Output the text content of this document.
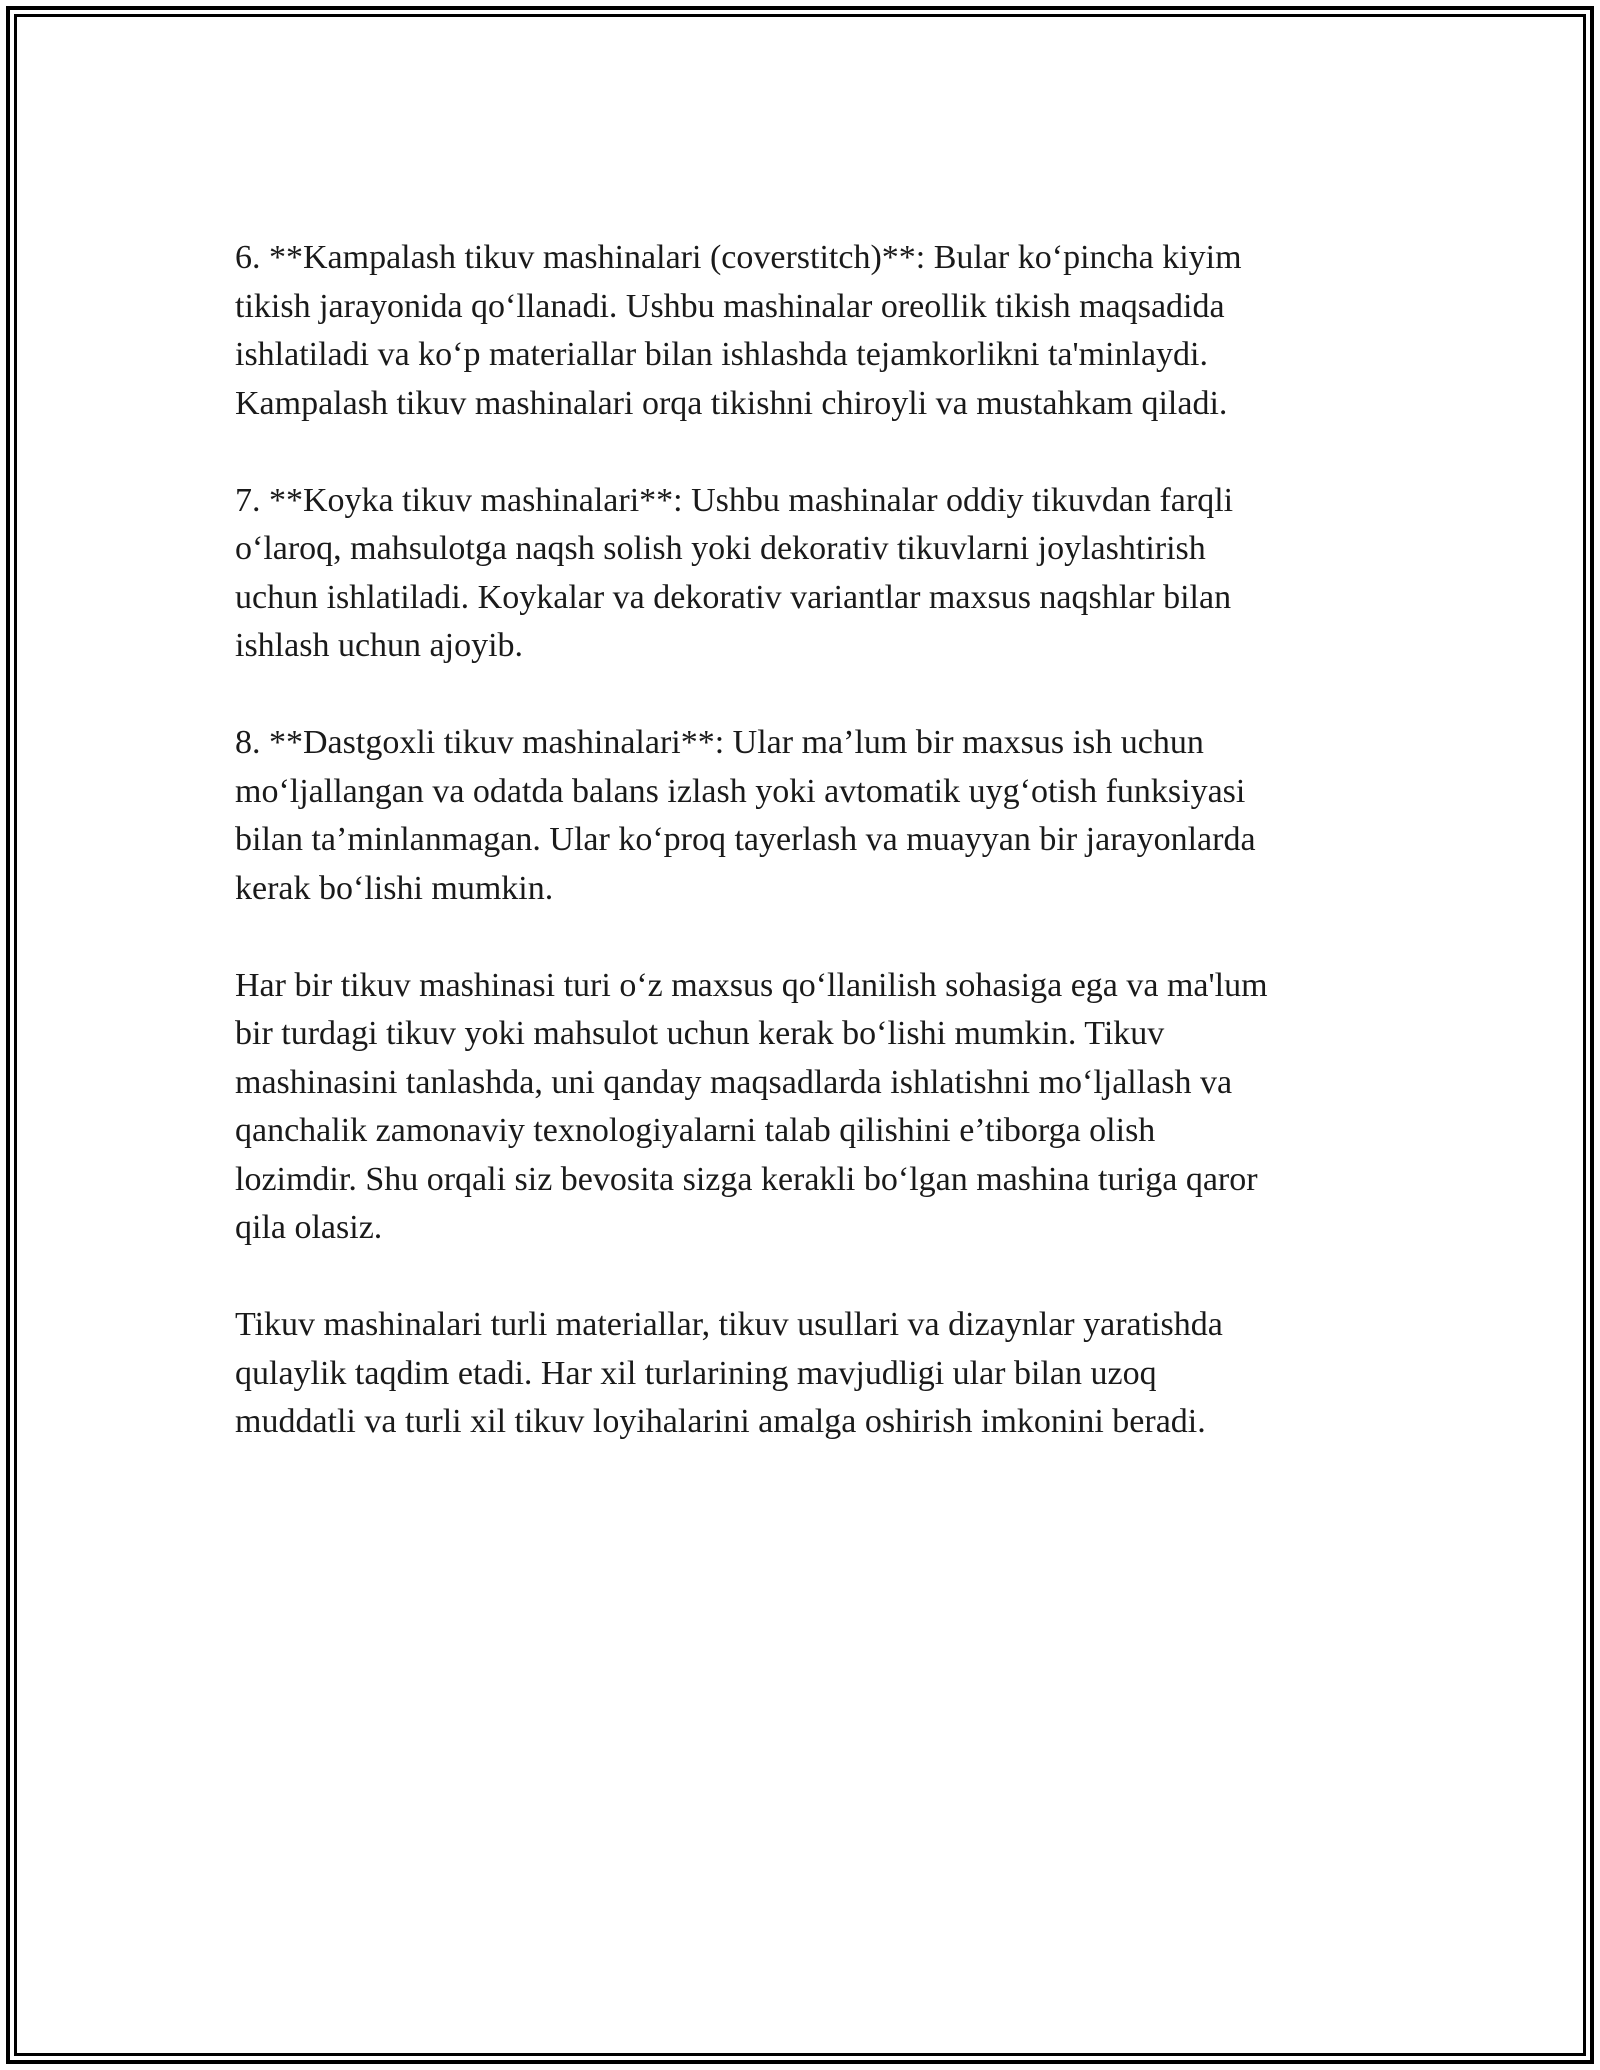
6. **Kampalash tikuv mashinalari (coverstitch)**: Bular ko‘pincha kiyim
tikish jarayonida qo‘llanadi. Ushbu mashinalar oreollik tikish maqsadida
ishlatiladi va ko‘p materiallar bilan ishlashda tejamkorlikni ta'minlaydi.
Kampalash tikuv mashinalari orqa tikishni chiroyli va mustahkam qiladi.

7. **Koyka tikuv mashinalari**: Ushbu mashinalar oddiy tikuvdan farqli
o‘laroq, mahsulotga naqsh solish yoki dekorativ tikuvlarni joylashtirish
uchun ishlatiladi. Koykalar va dekorativ variantlar maxsus naqshlar bilan
ishlash uchun ajoyib.

8. **Dastgoxli tikuv mashinalari**: Ular ma’lum bir maxsus ish uchun
mo‘ljallangan va odatda balans izlash yoki avtomatik uyg‘otish funksiyasi
bilan ta’minlanmagan. Ular ko‘proq tayerlash va muayyan bir jarayonlarda
kerak bo‘lishi mumkin.

Har bir tikuv mashinasi turi o‘z maxsus qo‘llanilish sohasiga ega va ma'lum
bir turdagi tikuv yoki mahsulot uchun kerak bo‘lishi mumkin. Tikuv
mashinasini tanlashda, uni qanday maqsadlarda ishlatishni mo‘ljallash va
qanchalik zamonaviy texnologiyalarni talab qilishini e’tiborga olish
lozimdir. Shu orqali siz bevosita sizga kerakli bo‘lgan mashina turiga qaror
qila olasiz.

Tikuv mashinalari turli materiallar, tikuv usullari va dizaynlar yaratishda
qulaylik taqdim etadi. Har xil turlarining mavjudligi ular bilan uzoq
muddatli va turli xil tikuv loyihalarini amalga oshirish imkonini beradi.
